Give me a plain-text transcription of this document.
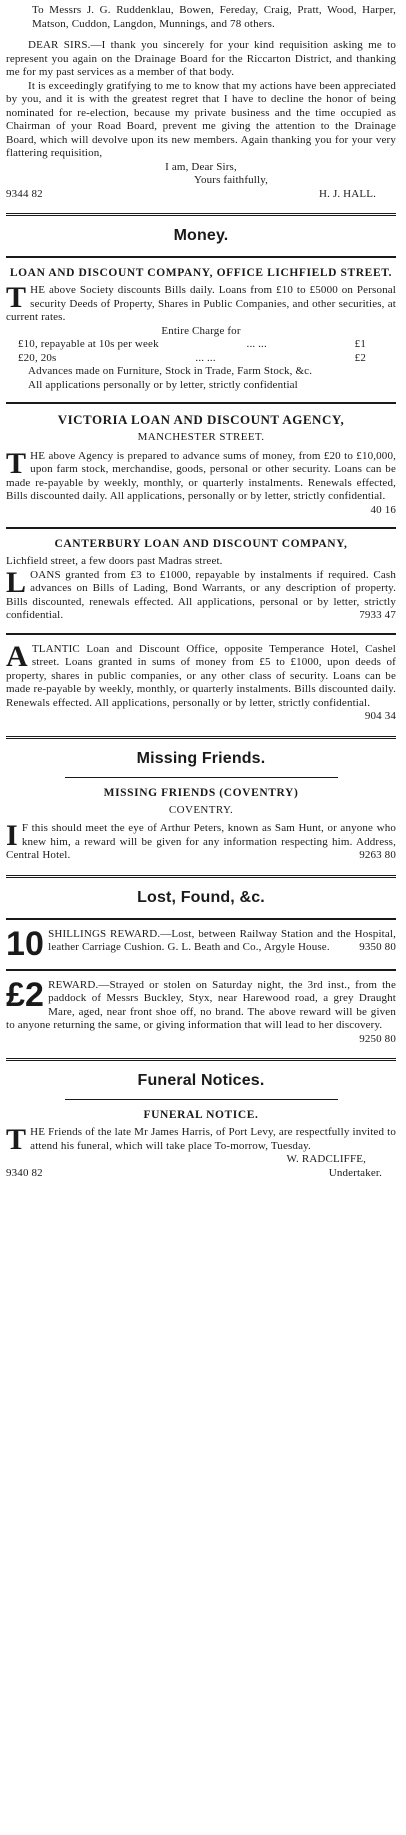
To Messrs J. G. Ruddenklau, Bowen, Fereday, Craig, Pratt, Wood, Harper, Matson, Cuddon, Langdon, Munnings, and 78 others.

DEAR SIRS.—I thank you sincerely for your kind requisition asking me to represent you again on the Drainage Board for the Riccarton District, and thanking me for my past services as a member of that body.

It is exceedingly gratifying to me to know that my actions have been appreciated by you, and it is with the greatest regret that I have to decline the honor of being nominated for re-election, because my private business and the time occupied as Chairman of your Road Board, prevent me giving the attention to the Drainage Board, which will devolve upon its new members. Again thanking you for your very flattering requisition,

I am, Dear Sirs,

Yours faithfully,

9344 82	H. J. HALL.
Money.
LOAN AND DISCOUNT COMPANY, OFFICE LICHFIELD STREET.

THE above Society discounts Bills daily. Loans from £10 to £5000 on Personal security Deeds of Property, Shares in Public Companies, and other securities, at current rates.

Entire Charge for

£10, repayable at 10s per week	... ...	£1
£20, 20s	... ...	£2

Advances made on Furniture, Stock in Trade, Farm Stock, &c.

All applications personally or by letter, strictly confidential

VICTORIA LOAN AND DISCOUNT AGENCY,
MANCHESTER STREET.

THE above Agency is prepared to advance sums of money, from £20 to £10,000, upon farm stock, merchandise, goods, personal or other security. Loans can be made re-payable by weekly, monthly, or quarterly instalments. Renewals effected, Bills discounted daily. All applications, personally or by letter, strictly confidential.
40 16

CANTERBURY LOAN AND DISCOUNT COMPANY,

Lichfield street, a few doors past Madras street.

LOANS granted from £3 to £1000, repayable by instalments if required. Cash advances on Bills of Lading, Bond Warrants, or any description of property. Bills discounted, renewals effected. All applications, personal or by letter, strictly confidential.	7933 47

ATLANTIC Loan and Discount Office, opposite Temperance Hotel, Cashel street. Loans granted in sums of money from £5 to £1000, upon deeds of property, shares in public companies, or any other class of security. Loans can be made re-payable by weekly, monthly, or quarterly instalments. Bills discounted daily. Renewals effected. All applications, personally or by letter, strictly confidential.
904 34

Missing Friends.
MISSING FRIENDS (COVENTRY)
COVENTRY.

I F this should meet the eye of Arthur Peters, known as Sam Hunt, or anyone who knew him, a reward will be given for any information respecting him. Address, Central Hotel.	9263 80

Lost, Found, &c.

10 SHILLINGS REWARD.—Lost, between Railway Station and the Hospital, leather Carriage Cushion. G. L. Beath and Co., Argyle House.	9350 80

£2 REWARD.—Strayed or stolen on Saturday night, the 3rd inst., from the paddock of Messrs Buckley, Styx, near Harewood road, a grey Draught Mare, aged, near front shoe off, no brand. The above reward will be given to anyone returning the same, or giving information that will lead to her discovery.
9250 80

Funeral Notices.
FUNERAL NOTICE.

THE Friends of the late Mr James Harris, of Port Levy, are respectfully invited to attend his funeral, which will take place To-morrow, Tuesday.

W. RADCLIFFE,

9340 82	Undertaker.
